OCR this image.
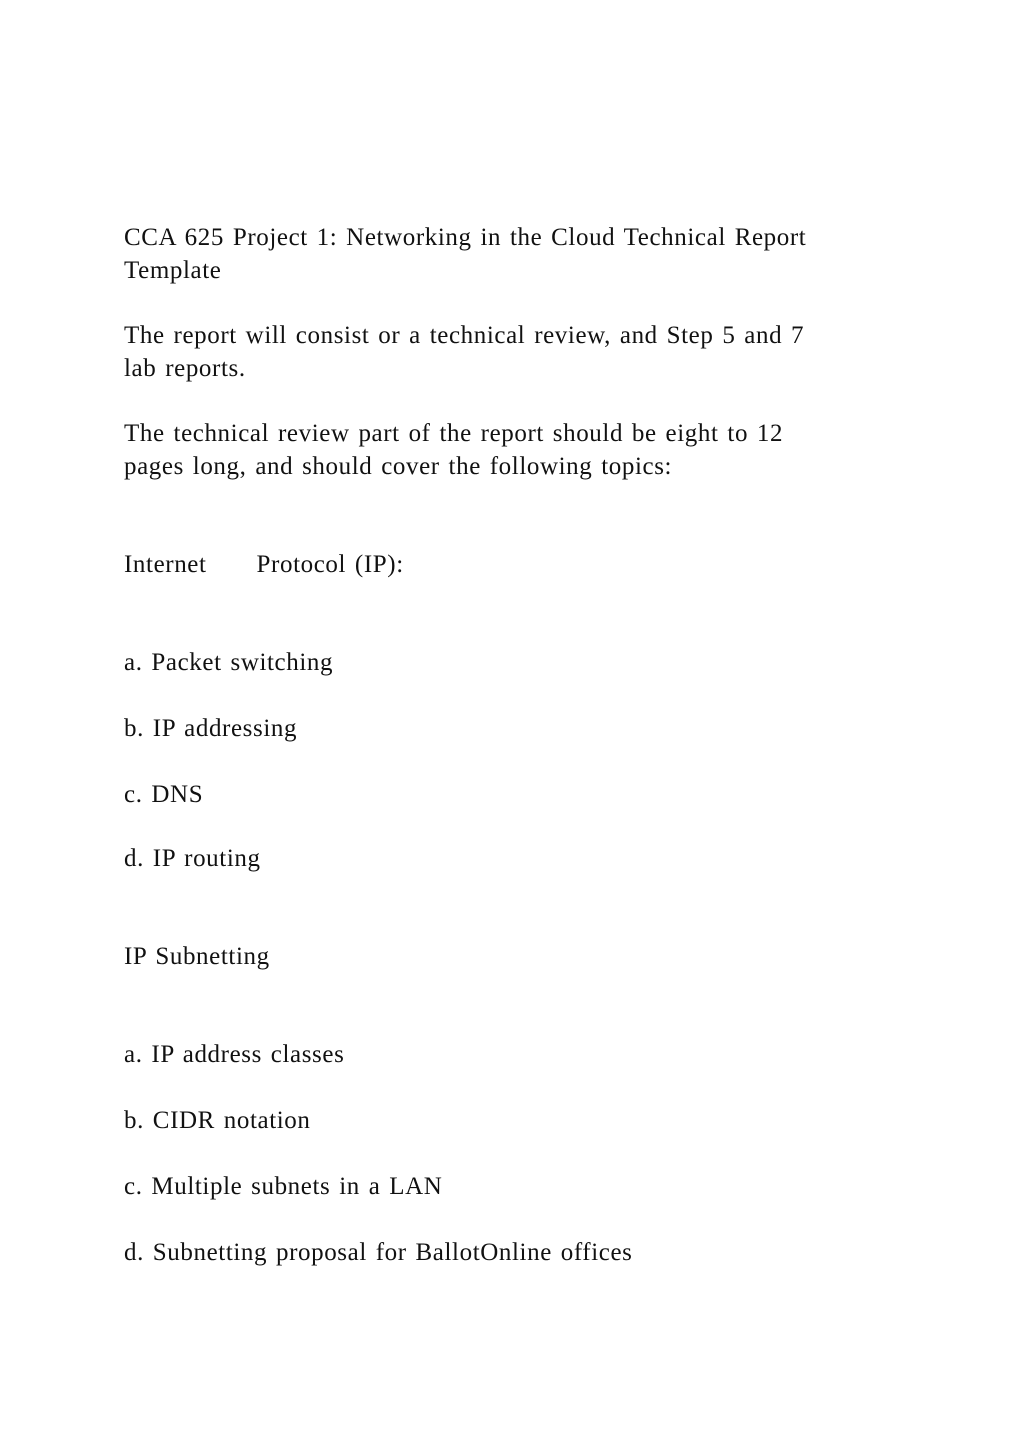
CCA 625 Project 1: Networking in the Cloud Technical Report
Template
The report will consist or a technical review, and Step 5 and 7
lab reports.
The technical review part of the report should be eight to 12
pages long, and should cover the following topics:
Internet Protocol (IP):
a. Packet switching
b. IP addressing
c. DNS
d. IP routing
IP Subnetting
a. IP address classes
b. CIDR notation
c. Multiple subnets in a LAN
d. Subnetting proposal for BallotOnline offices
